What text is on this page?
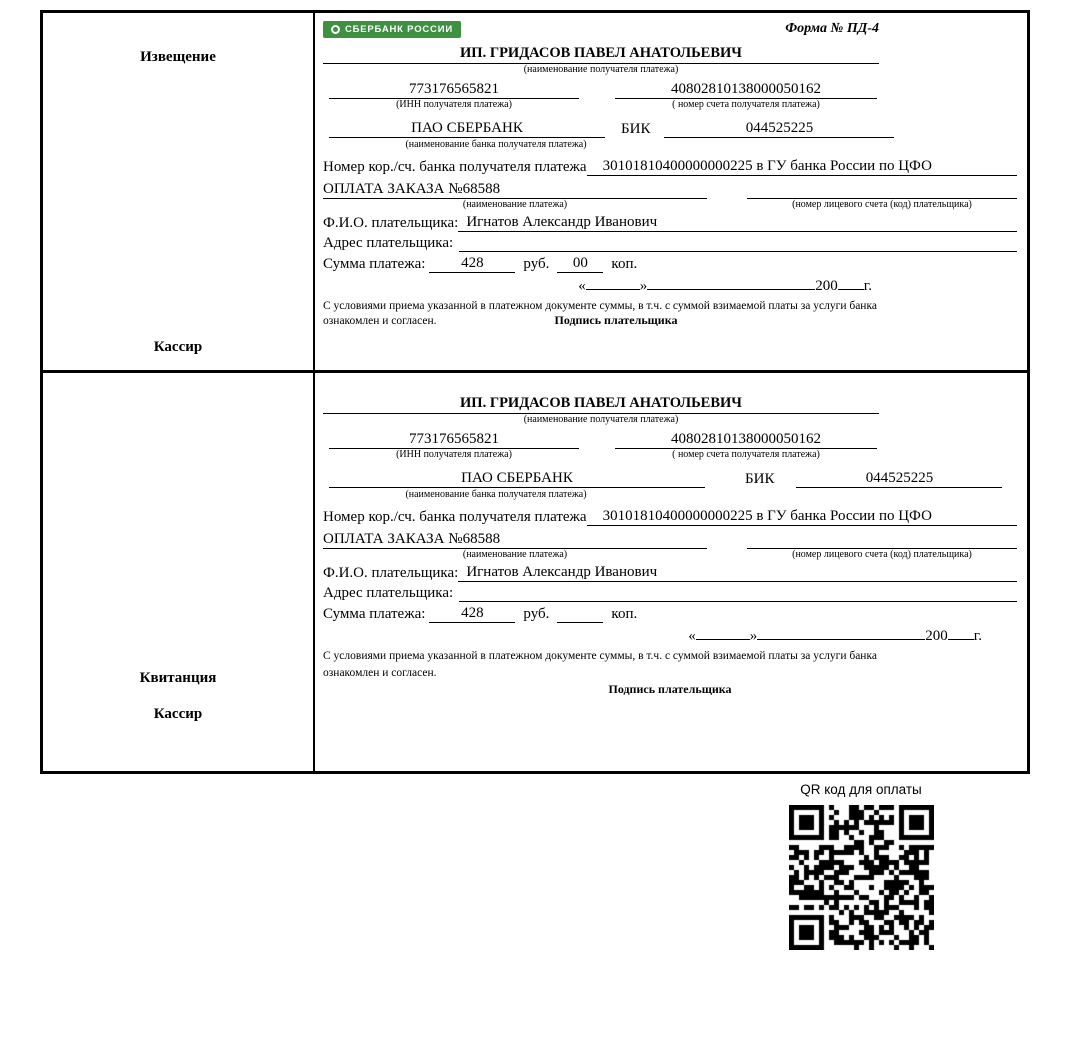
Извещение
Кассир
СБЕРБАНК РОССИИ	Форма № ПД-4
ИП. ГРИДАСОВ ПАВЕЛ АНАТОЛЬЕВИЧ
(наименование получателя платежа)
773176565821	40802810138000050162
(ИНН получателя платежа)	( номер счета получателя платежа)
ПАО СБЕРБАНК	БИК	044525225
(наименование банка получателя платежа)
Номер кор./сч. банка получателя платежа	30101810400000000225 в ГУ банка России по ЦФО
ОПЛАТА ЗАКАЗА №68588
(наименование платежа)	(номер лицевого счета (код) плательщика)
Ф.И.О. плательщика: Игнатов Александр Иванович
Адрес плательщика:
Сумма платежа:	428	руб.	00	коп.
«	»	200 г.
С условиями приема указанной в платежном документе суммы, в т.ч. с суммой взимаемой платы за услуги банка
ознакомлен и согласен.	Подпись плательщика
Квитанция
Кассир
ИП. ГРИДАСОВ ПАВЕЛ АНАТОЛЬЕВИЧ
(наименование получателя платежа)
773176565821	40802810138000050162
(ИНН получателя платежа)	( номер счета получателя платежа)
ПАО СБЕРБАНК	БИК	044525225
(наименование банка получателя платежа)
Номер кор./сч. банка получателя платежа	30101810400000000225 в ГУ банка России по ЦФО
ОПЛАТА ЗАКАЗА №68588
(наименование платежа)	(номер лицевого счета (код) плательщика)
Ф.И.О. плательщика: Игнатов Александр Иванович
Адрес плательщика:
Сумма платежа:	428	руб.	коп.
«	»	200 г.
С условиями приема указанной в платежном документе суммы, в т.ч. с суммой взимаемой платы за услуги банка
ознакомлен и согласен.
Подпись плательщика
QR код для оплаты
